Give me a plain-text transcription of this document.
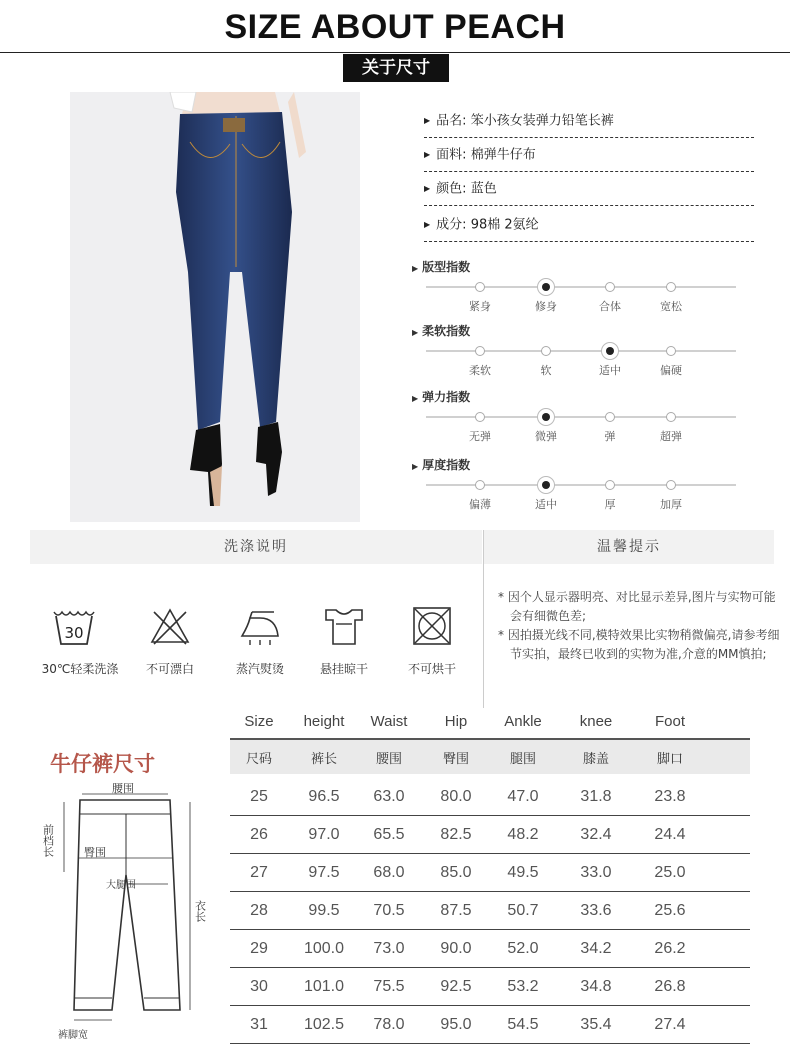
SIZE ABOUT PEACH
关于尺寸
▶ 品名: 笨小孩女装弹力铅笔长裤
▶ 面料: 棉弹牛仔布
▶ 颜色: 蓝色
▶ 成分: 98棉 2氨纶
▶ 版型指数
紧身	修身	合体	宽松
▶ 柔软指数
柔软	软	适中	偏硬
▶ 弹力指数
无弹	微弹	弹	超弹
▶ 厚度指数
偏薄	适中	厚	加厚
洗涤说明	温馨提示
30
30℃轻柔洗涤	不可漂白	蒸汽熨烫	悬挂晾干	不可烘干
* 因个人显示器明亮、对比显示差异,图片与实物可能会有细微色差;
* 因拍摄光线不同,模特效果比实物稍微偏亮,请参考细节实拍，最终已收到的实物为准,介意的MM慎拍;
牛仔裤尺寸
Size	height	Waist	Hip	Ankle	knee	Foot
尺码	裤长	腰围	臀围	腿围	膝盖	脚口
25	96.5	63.0	80.0	47.0	31.8	23.8
26	97.0	65.5	82.5	48.2	32.4	24.4
27	97.5	68.0	85.0	49.5	33.0	25.0
28	99.5	70.5	87.5	50.7	33.6	25.6
29	100.0	73.0	90.0	52.0	34.2	26.2
30	101.0	75.5	92.5	53.2	34.8	26.8
31	102.5	78.0	95.0	54.5	35.4	27.4
腰围
臀围
大腿围
裤脚宽
前档长
衣长
